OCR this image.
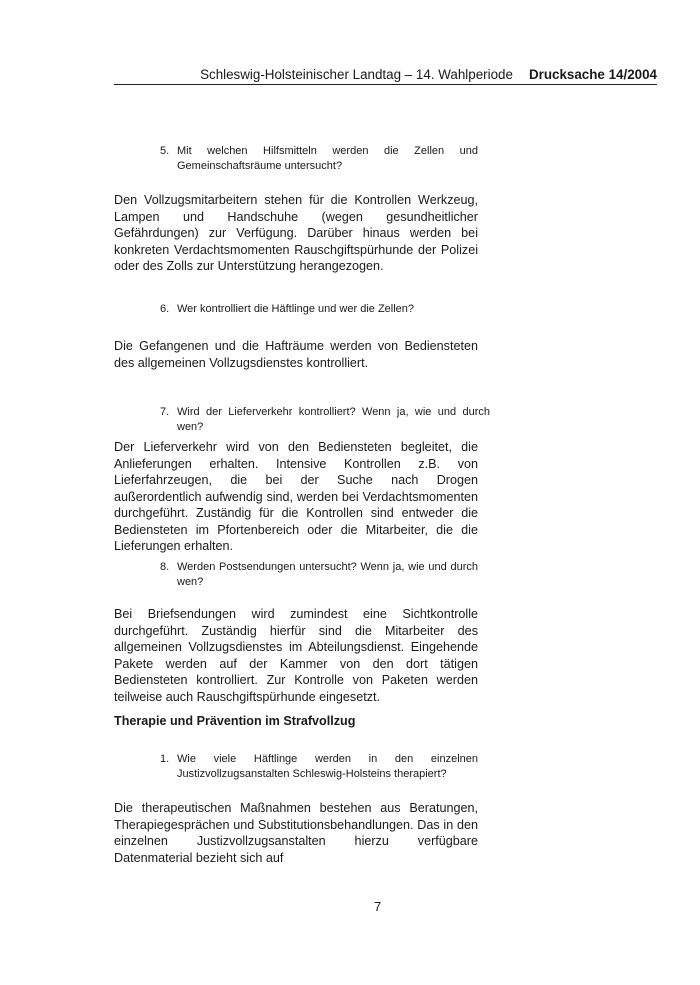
Schleswig-Holsteinischer Landtag – 14. Wahlperiode Drucksache 14/2004
5. Mit welchen Hilfsmitteln werden die Zellen und Gemeinschaftsräume untersucht?
Den Vollzugsmitarbeitern stehen für die Kontrollen Werkzeug, Lampen und Handschuhe (wegen gesundheitlicher Gefährdungen) zur Verfügung. Darüber hinaus werden bei konkreten Verdachtsmomenten Rauschgiftspürhunde der Polizei oder des Zolls zur Unterstützung herangezogen.
6. Wer kontrolliert die Häftlinge und wer die Zellen?
Die Gefangenen und die Hafträume werden von Bediensteten des allgemeinen Vollzugsdienstes kontrolliert.
7. Wird der Lieferverkehr kontrolliert? Wenn ja, wie und durch wen?
Der Lieferverkehr wird von den Bediensteten begleitet, die Anlieferungen erhalten. Intensive Kontrollen z.B. von Lieferfahrzeugen, die bei der Suche nach Drogen außerordentlich aufwendig sind, werden bei Verdachtsmomenten durchgeführt. Zuständig für die Kontrollen sind entweder die Bediensteten im Pfortenbereich oder die Mitarbeiter, die die Lieferungen erhalten.
8. Werden Postsendungen untersucht? Wenn ja, wie und durch wen?
Bei Briefsendungen wird zumindest eine Sichtkontrolle durchgeführt. Zuständig hierfür sind die Mitarbeiter des allgemeinen Vollzugsdienstes im Abteilungsdienst. Eingehende Pakete werden auf der Kammer von den dort tätigen Bediensteten kontrolliert. Zur Kontrolle von Paketen werden teilweise auch Rauschgiftspürhunde eingesetzt.
Therapie und Prävention im Strafvollzug
1. Wie viele Häftlinge werden in den einzelnen Justizvollzugsanstalten Schleswig-Holsteins therapiert?
Die therapeutischen Maßnahmen bestehen aus Beratungen, Therapiegesprächen und Substitutionsbehandlungen. Das in den einzelnen Justizvollzugsanstalten hierzu verfügbare Datenmaterial bezieht sich auf
7
